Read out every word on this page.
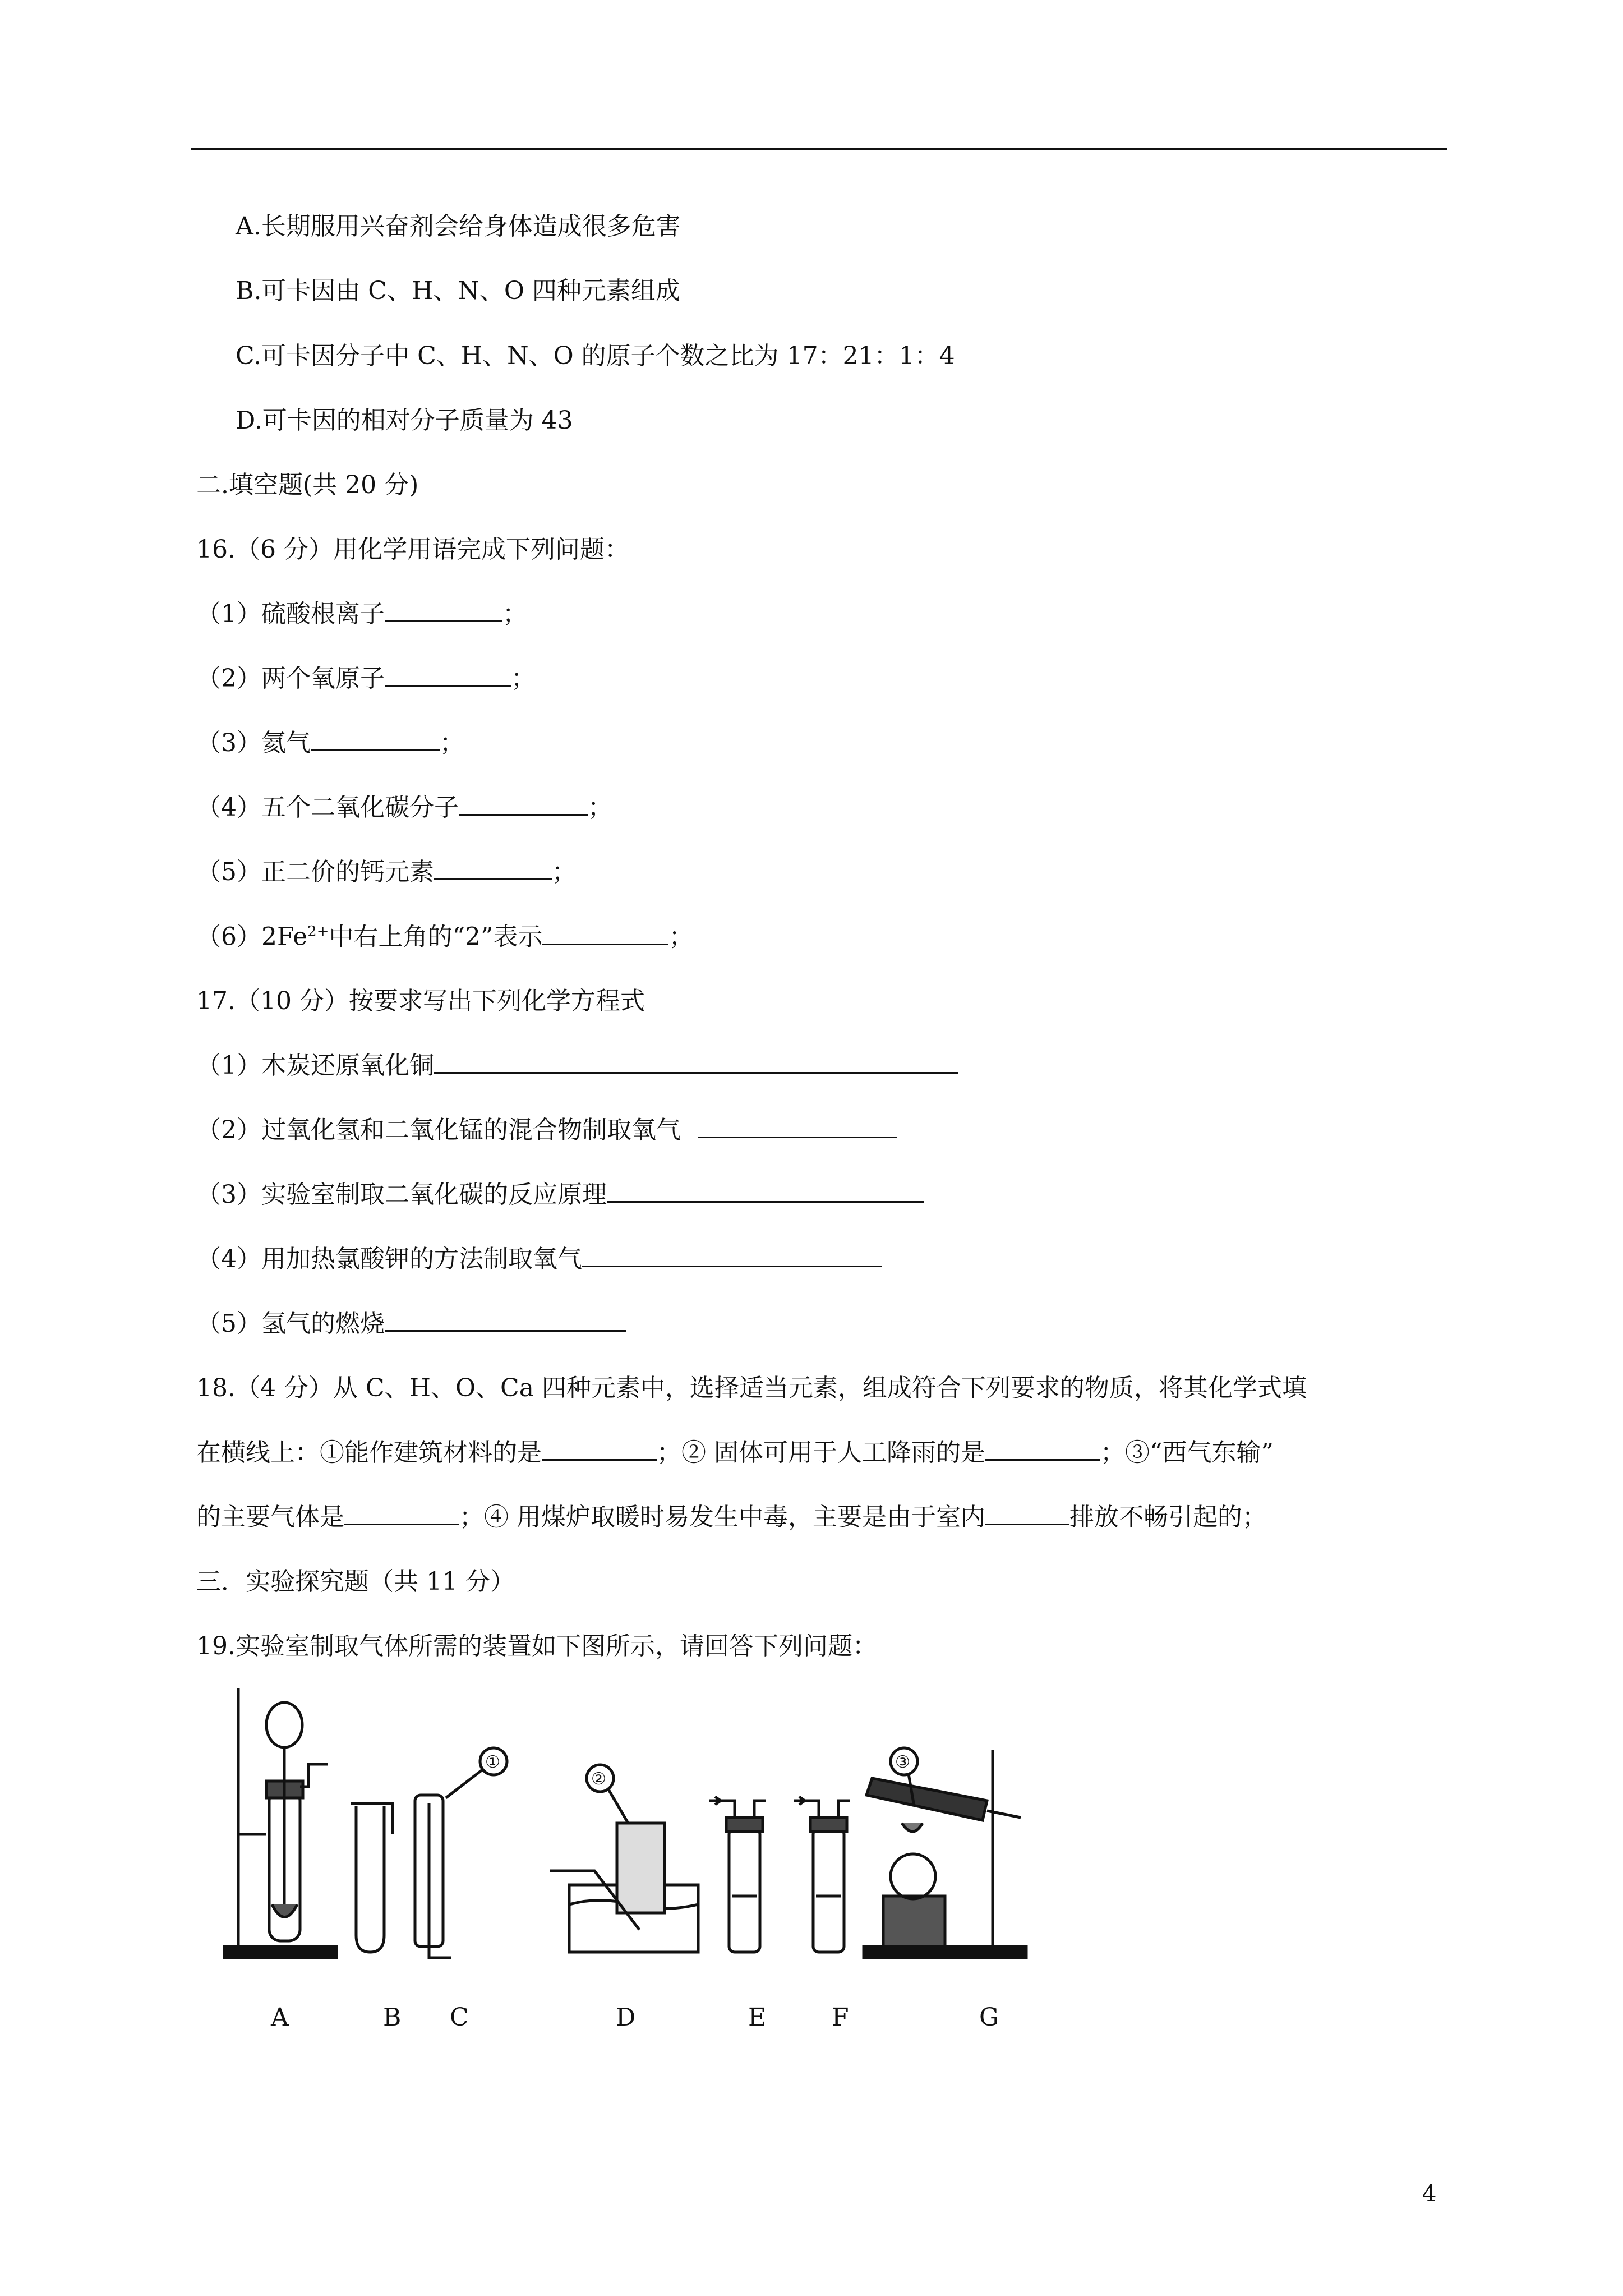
A.长期服用兴奋剂会给身体造成很多危害
B.可卡因由 C、H、N、O 四种元素组成
C.可卡因分子中 C、H、N、O 的原子个数之比为 17：21：1：4
D.可卡因的相对分子质量为 43
二.填空题(共 20 分)
16.（6 分）用化学用语完成下列问题：
（1）硫酸根离子	；
（2）两个氧原子	；
（3）氦气	；
（4）五个二氧化碳分子	；
（5）正二价的钙元素	；
$(6)2Fe^{2+}$中右上角的“2”表示	；
17.（10 分）按要求写出下列化学方程式
（1）木炭还原氧化铜
（2）过氧化氢和二氧化锰的混合物制取氧气
（3）实验室制取二氧化碳的反应原理
（4）用加热氯酸钾的方法制取氧气
（5）氢气的燃烧
18.（4 分）从 C、H、O、Ca 四种元素中，选择适当元素，组成符合下列要求的物质，将其化学式填
在横线上：①能作建筑材料的是	；② 固体可用于人工降雨的是	；③“西气东输”
的主要气体是	；④ 用煤炉取暖时易发生中毒，主要是由于室内	排放不畅引起的；
三．实验探究题（共 11 分）
19.实验室制取气体所需的装置如下图所示，请回答下列问题：
①
②
③
A	B C	D	E	F	G
4
